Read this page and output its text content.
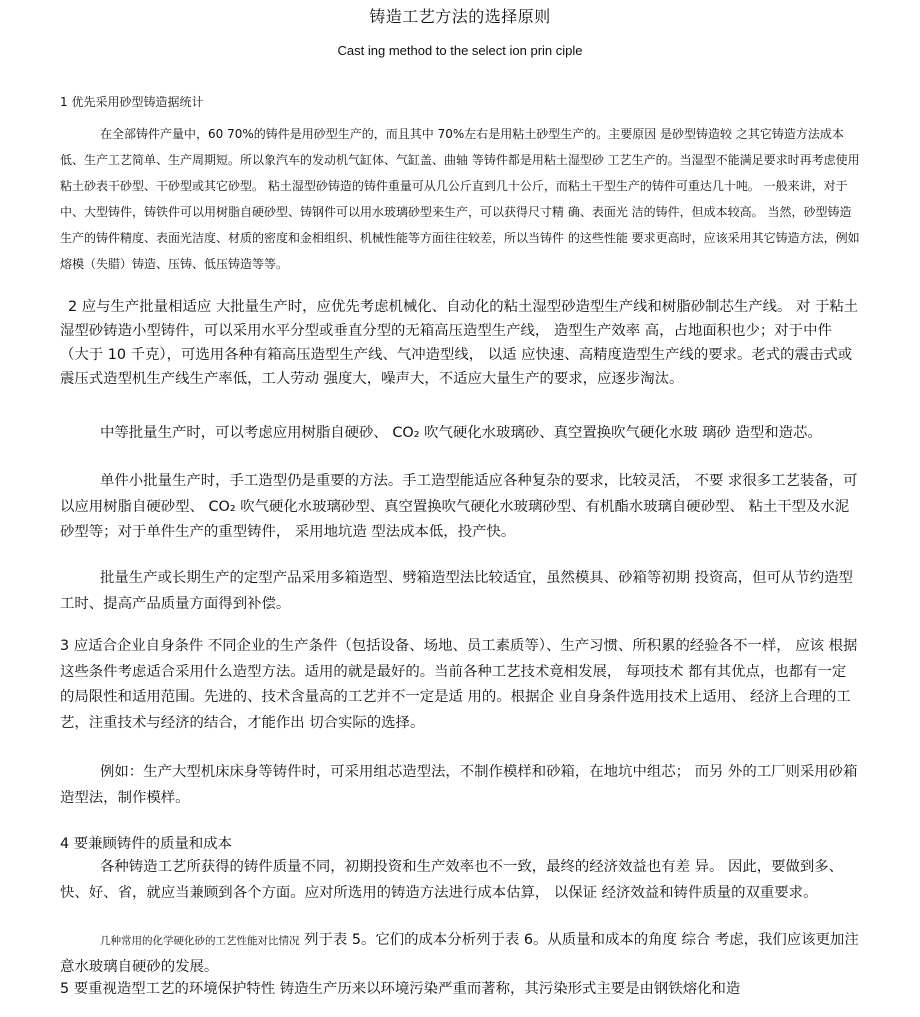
铸造工艺方法的选择原则
Cast ing method to the select ion prin ciple
1 优先采用砂型铸造据统计
在全部铸件产量中，60 70%的铸件是用砂型生产的，而且其中 70%左右是用粘土砂型生产的。主要原因 是砂型铸造较 之其它铸造方法成本低、生产工艺简单、生产周期短。所以象汽车的发动机气缸体、气缸盖、曲轴 等铸件都是用粘土湿型砂 工艺生产的。当湿型不能满足要求时再考虑使用粘土砂表干砂型、干砂型或其它砂型。 粘土湿型砂铸造的铸件重量可从几公斤直到几十公斤，而粘土干型生产的铸件可重达几十吨。 一般来讲，对于中、大型铸件，铸铁件可以用树脂自硬砂型、铸钢件可以用水玻璃砂型来生产，可以获得尺寸精 确、表面光 洁的铸件，但成本较高。 当然，砂型铸造生产的铸件精度、表面光洁度、材质的密度和金相组织、机械性能等方面往往较差，所以当铸件 的这些性能 要求更高时，应该采用其它铸造方法，例如熔模（失腊）铸造、压铸、低压铸造等等。
2 应与生产批量相适应 大批量生产时，应优先考虑机械化、自动化的粘土湿型砂造型生产线和树脂砂制芯生产线。 对 于粘土湿型砂铸造小型铸件，可以采用水平分型或垂直分型的无箱高压造型生产线， 造型生产效率 高，占地面积也少；对于中件（大于 10 千克），可选用各种有箱高压造型生产线、气冲造型线， 以适 应快速、高精度造型生产线的要求。老式的震击式或震压式造型机生产线生产率低，工人劳动 强度大，噪声大，不适应大量生产的要求，应逐步淘汰。
中等批量生产时，可以考虑应用树脂自硬砂、 CO₂ 吹气硬化水玻璃砂、真空置换吹气硬化水玻 璃砂 造型和造芯。
单件小批量生产时，手工造型仍是重要的方法。手工造型能适应各种复杂的要求，比较灵活， 不要 求很多工艺装备，可以应用树脂自硬砂型、 CO₂ 吹气硬化水玻璃砂型、真空置换吹气硬化水玻璃砂型、有机酯水玻璃自硬砂型、 粘土干型及水泥砂型等；对于单件生产的重型铸件， 采用地坑造 型法成本低，投产快。
批量生产或长期生产的定型产品采用多箱造型、劈箱造型法比较适宜，虽然模具、砂箱等初期 投资高，但可从节约造型工时、提高产品质量方面得到补偿。
3 应适合企业自身条件 不同企业的生产条件（包括设备、场地、员工素质等）、生产习惯、所积累的经验各不一样， 应该 根据这些条件考虑适合采用什么造型方法。适用的就是最好的。当前各种工艺技术竟相发展， 每项技术 都有其优点，也都有一定的局限性和适用范围。先进的、技术含量高的工艺并不一定是适 用的。根据企 业自身条件选用技术上适用、 经济上合理的工艺，注重技术与经济的结合，才能作出 切合实际的选择。
例如：生产大型机床床身等铸件时，可采用组芯造型法，不制作模样和砂箱，在地坑中组芯； 而另 外的工厂则采用砂箱造型法，制作模样。
4 要兼顾铸件的质量和成本
各种铸造工艺所获得的铸件质量不同，初期投资和生产效率也不一致，最终的经济效益也有差 异。 因此，要做到多、快、好、省，就应当兼顾到各个方面。应对所选用的铸造方法进行成本估算， 以保证 经济效益和铸件质量的双重要求。
几种常用的化学硬化砂的工艺性能对比情况 列于表 5。它们的成本分析列于表 6。从质量和成本的角度 综合 考虑，我们应该更加注意水玻璃自硬砂的发展。
5 要重视造型工艺的环境保护特性 铸造生产历来以环境污染严重而著称，其污染形式主要是由钢铁熔化和造
